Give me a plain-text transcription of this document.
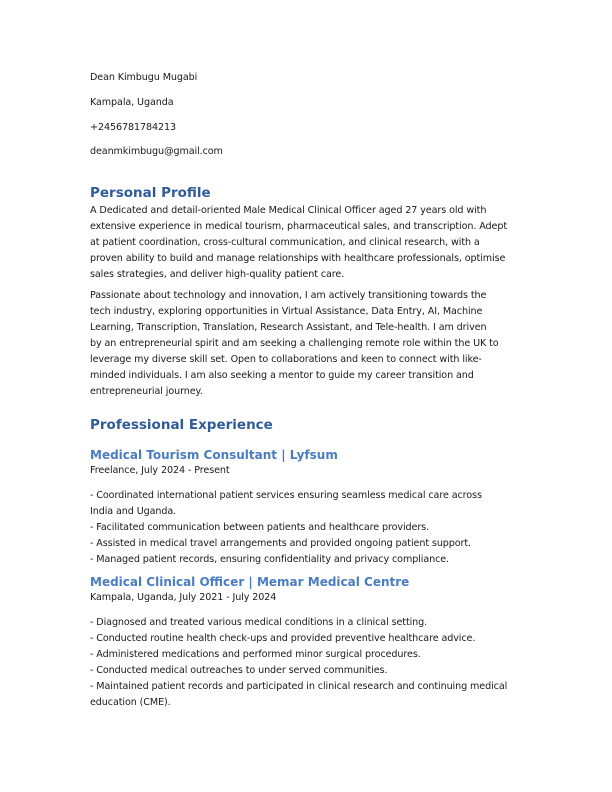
Dean Kimbugu Mugabi
Kampala, Uganda
+2456781784213
deanmkimbugu@gmail.com
Personal Profile
A Dedicated and detail-oriented Male Medical Clinical Officer aged 27 years old with
extensive experience in medical tourism, pharmaceutical sales, and transcription. Adept
at patient coordination, cross-cultural communication, and clinical research, with a
proven ability to build and manage relationships with healthcare professionals, optimise
sales strategies, and deliver high-quality patient care.
Passionate about technology and innovation, I am actively transitioning towards the
tech industry, exploring opportunities in Virtual Assistance, Data Entry, AI, Machine
Learning, Transcription, Translation, Research Assistant, and Tele-health. I am driven
by an entrepreneurial spirit and am seeking a challenging remote role within the UK to
leverage my diverse skill set. Open to collaborations and keen to connect with like-
minded individuals. I am also seeking a mentor to guide my career transition and
entrepreneurial journey.
Professional Experience
Medical Tourism Consultant | Lyfsum
Freelance, July 2024 - Present
- Coordinated international patient services ensuring seamless medical care across
India and Uganda.
- Facilitated communication between patients and healthcare providers.
- Assisted in medical travel arrangements and provided ongoing patient support.
- Managed patient records, ensuring confidentiality and privacy compliance.
Medical Clinical Officer | Memar Medical Centre
Kampala, Uganda, July 2021 - July 2024
- Diagnosed and treated various medical conditions in a clinical setting.
- Conducted routine health check-ups and provided preventive healthcare advice.
- Administered medications and performed minor surgical procedures.
- Conducted medical outreaches to under served communities.
- Maintained patient records and participated in clinical research and continuing medical
education (CME).
